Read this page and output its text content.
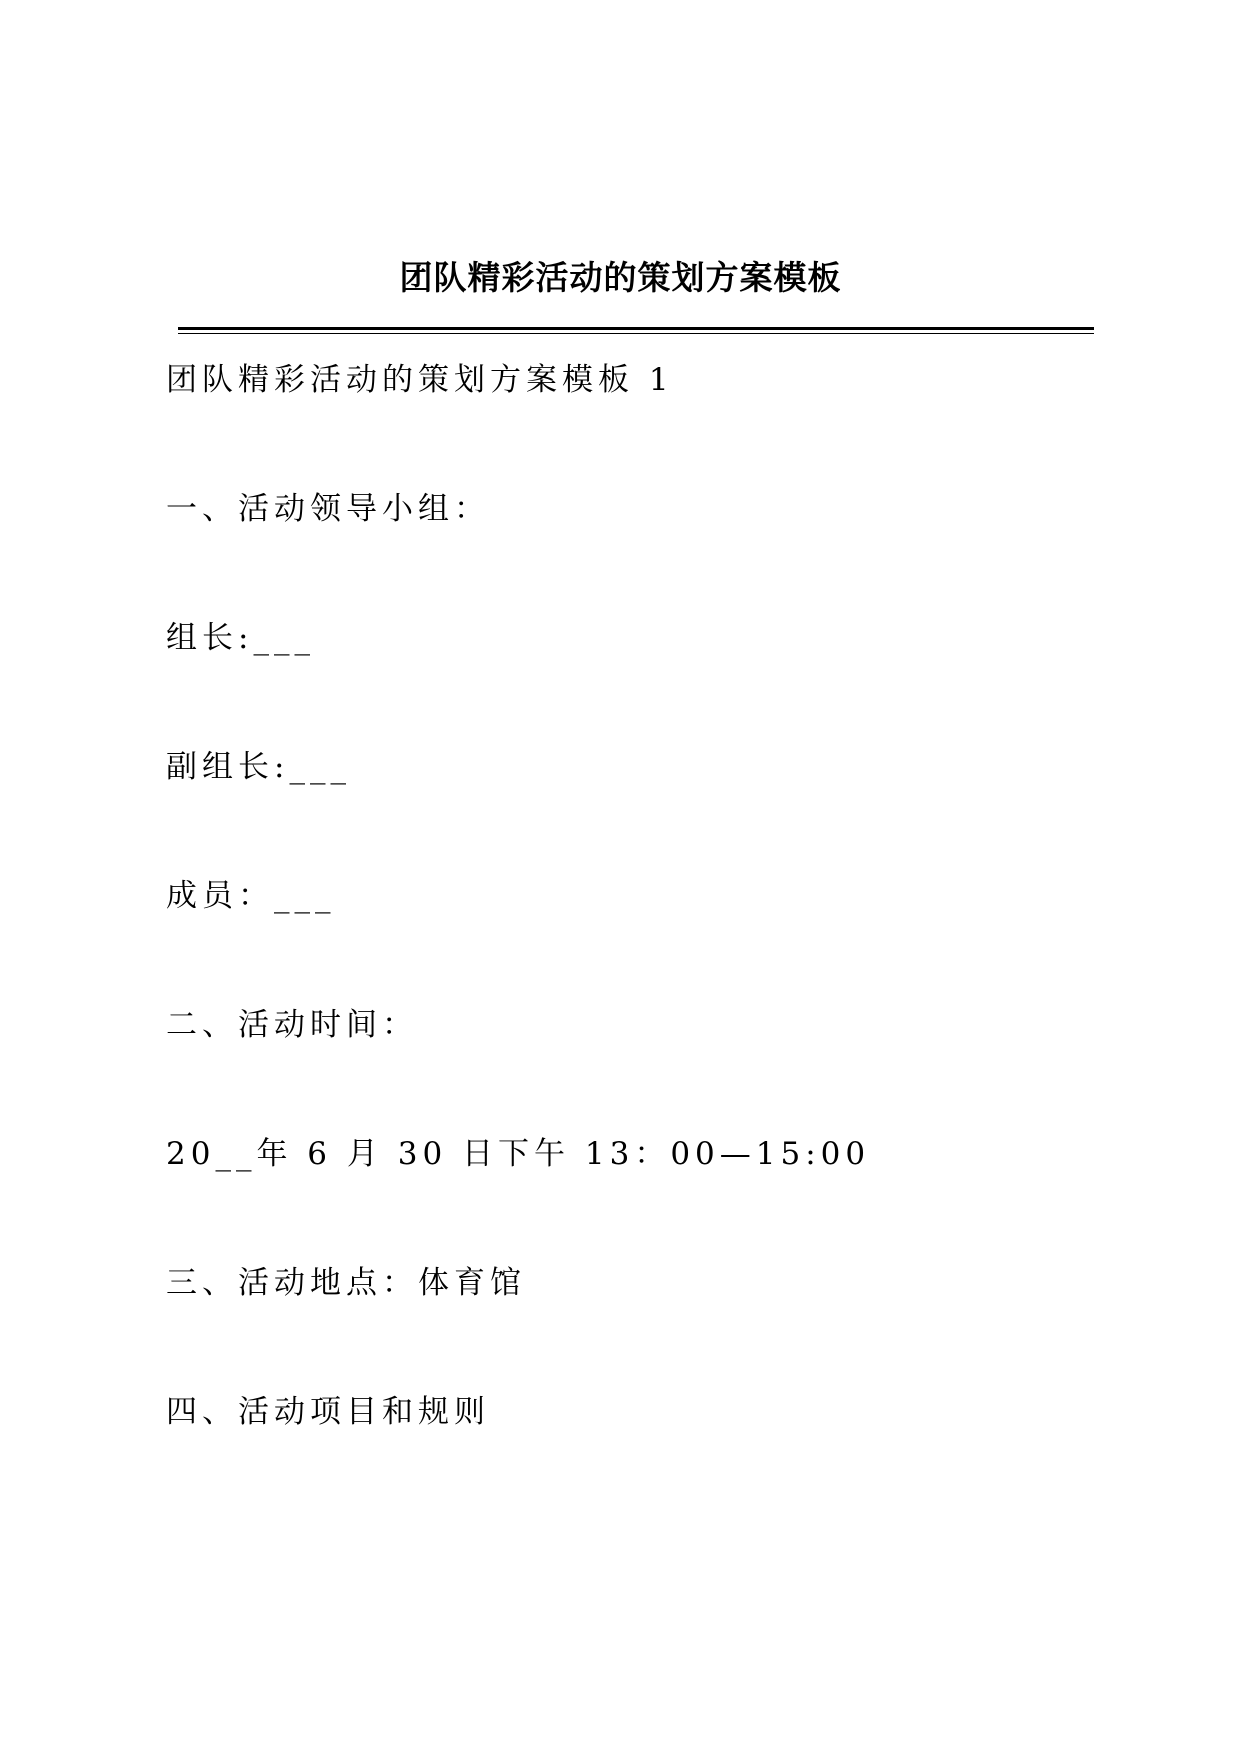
团队精彩活动的策划方案模板
团队精彩活动的策划方案模板 1
一、活动领导小组：
组长:___
副组长:___
成员：___
二、活动时间：
20__年 6 月 30 日下午 13：00—15:00
三、活动地点：体育馆
四、活动项目和规则
